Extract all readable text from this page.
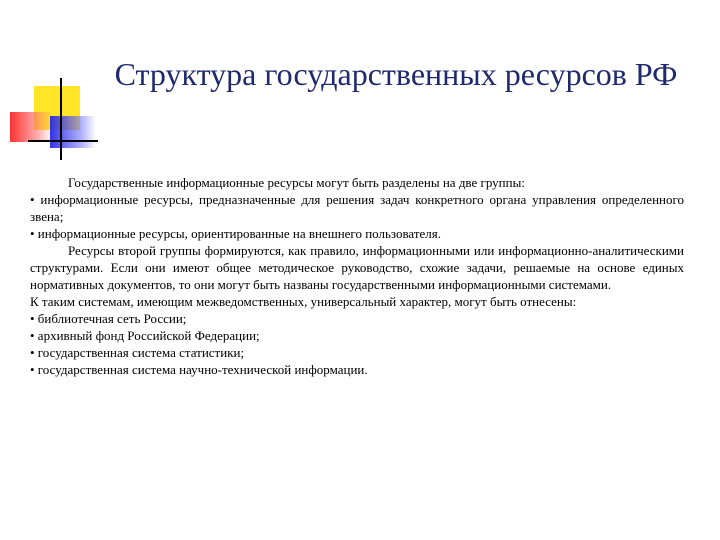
Структура государственных ресурсов РФ

Государственные информационные ресурсы могут быть разделены на две группы:

• информационные ресурсы, предназначенные для решения задач конкретного органа управления определенного звена;

• информационные ресурсы, ориентированные на внешнего пользователя.

Ресурсы второй группы формируются, как правило, информационными или информационно-аналитическими структурами. Если они имеют общее методическое руководство, схожие задачи, решаемые на основе единых нормативных документов, то они могут быть названы государственными информационными системами.

К таким системам, имеющим межведомственных, универсальный характер, могут быть отнесены:

• библиотечная сеть России;

• архивный фонд Российской Федерации;

• государственная система статистики;

• государственная система научно-технической информации.
